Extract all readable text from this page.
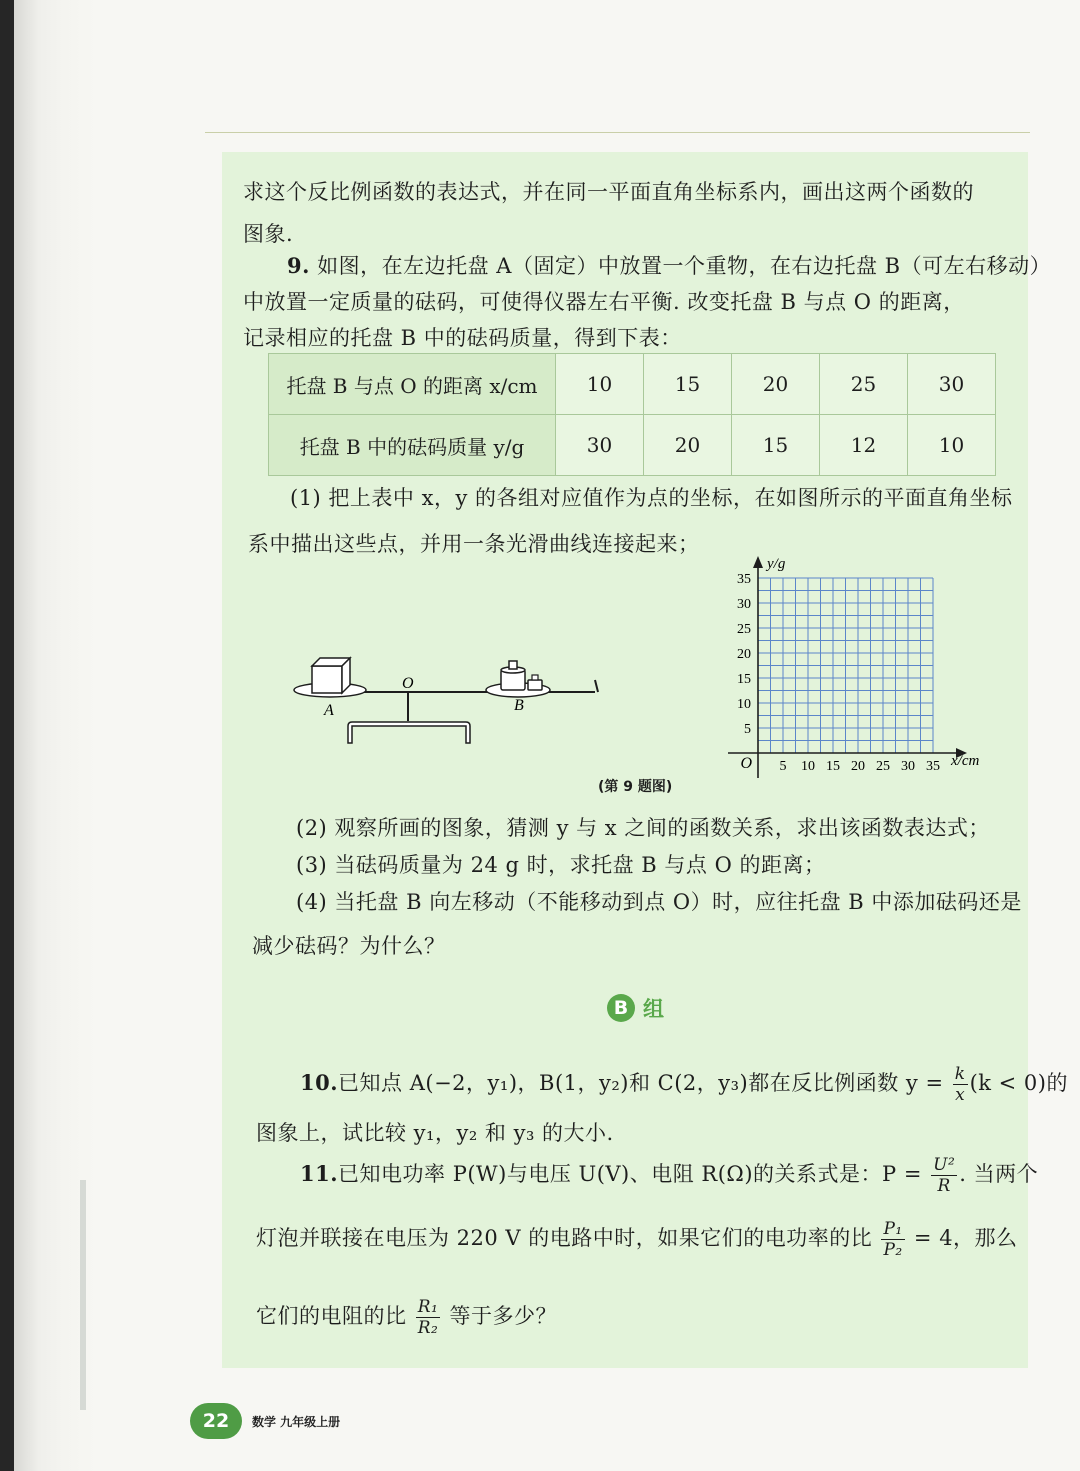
求这个反比例函数的表达式，并在同一平面直角坐标系内，画出这两个函数的
图象.
9. 如图，在左边托盘 A（固定）中放置一个重物，在右边托盘 B（可左右移动）
中放置一定质量的砝码，可使得仪器左右平衡. 改变托盘 B 与点 O 的距离，
记录相应的托盘 B 中的砝码质量，得到下表：
托盘 B 与点 O 的距离 x/cm	10	15	20	25	30
托盘 B 中的砝码质量 y/g	30	20	15	12	10
(1) 把上表中 x，y 的各组对应值作为点的坐标，在如图所示的平面直角坐标
系中描出这些点，并用一条光滑曲线连接起来；
A
O
B
5 10 15 20 25 30 35
5
10
15
20
25
30
35
O	x/cm
y/g
(第 9 题图)
(2) 观察所画的图象，猜测 y 与 x 之间的函数关系，求出该函数表达式；
(3) 当砝码质量为 24 g 时，求托盘 B 与点 O 的距离；
(4) 当托盘 B 向左移动（不能移动到点 O）时，应往托盘 B 中添加砝码还是
减少砝码？为什么？
B 组
10.已知点 A(−2，y₁)，B(1，y₂)和 C(2，y₃)都在反比例函数 $y = \frac{k}{x} (k < 0)$的
图象上，试比较 y₁，y₂ 和 y₃ 的大小.
11.已知电功率 P(W)与电压 U(V)、电阻 R(Ω)的关系式是：$P = \frac{\text{U²}}{R}$ . 当两个
灯泡并联接在电压为 220 V 的电路中时，如果它们的电功率的比 $\frac{\text{P₁}}{\text{P₂}} = 4$，那么
它们的电阻的比 $\frac{\text{R₁}}{\text{R₂}}$ 等于多少？
22	数学 九年级上册
